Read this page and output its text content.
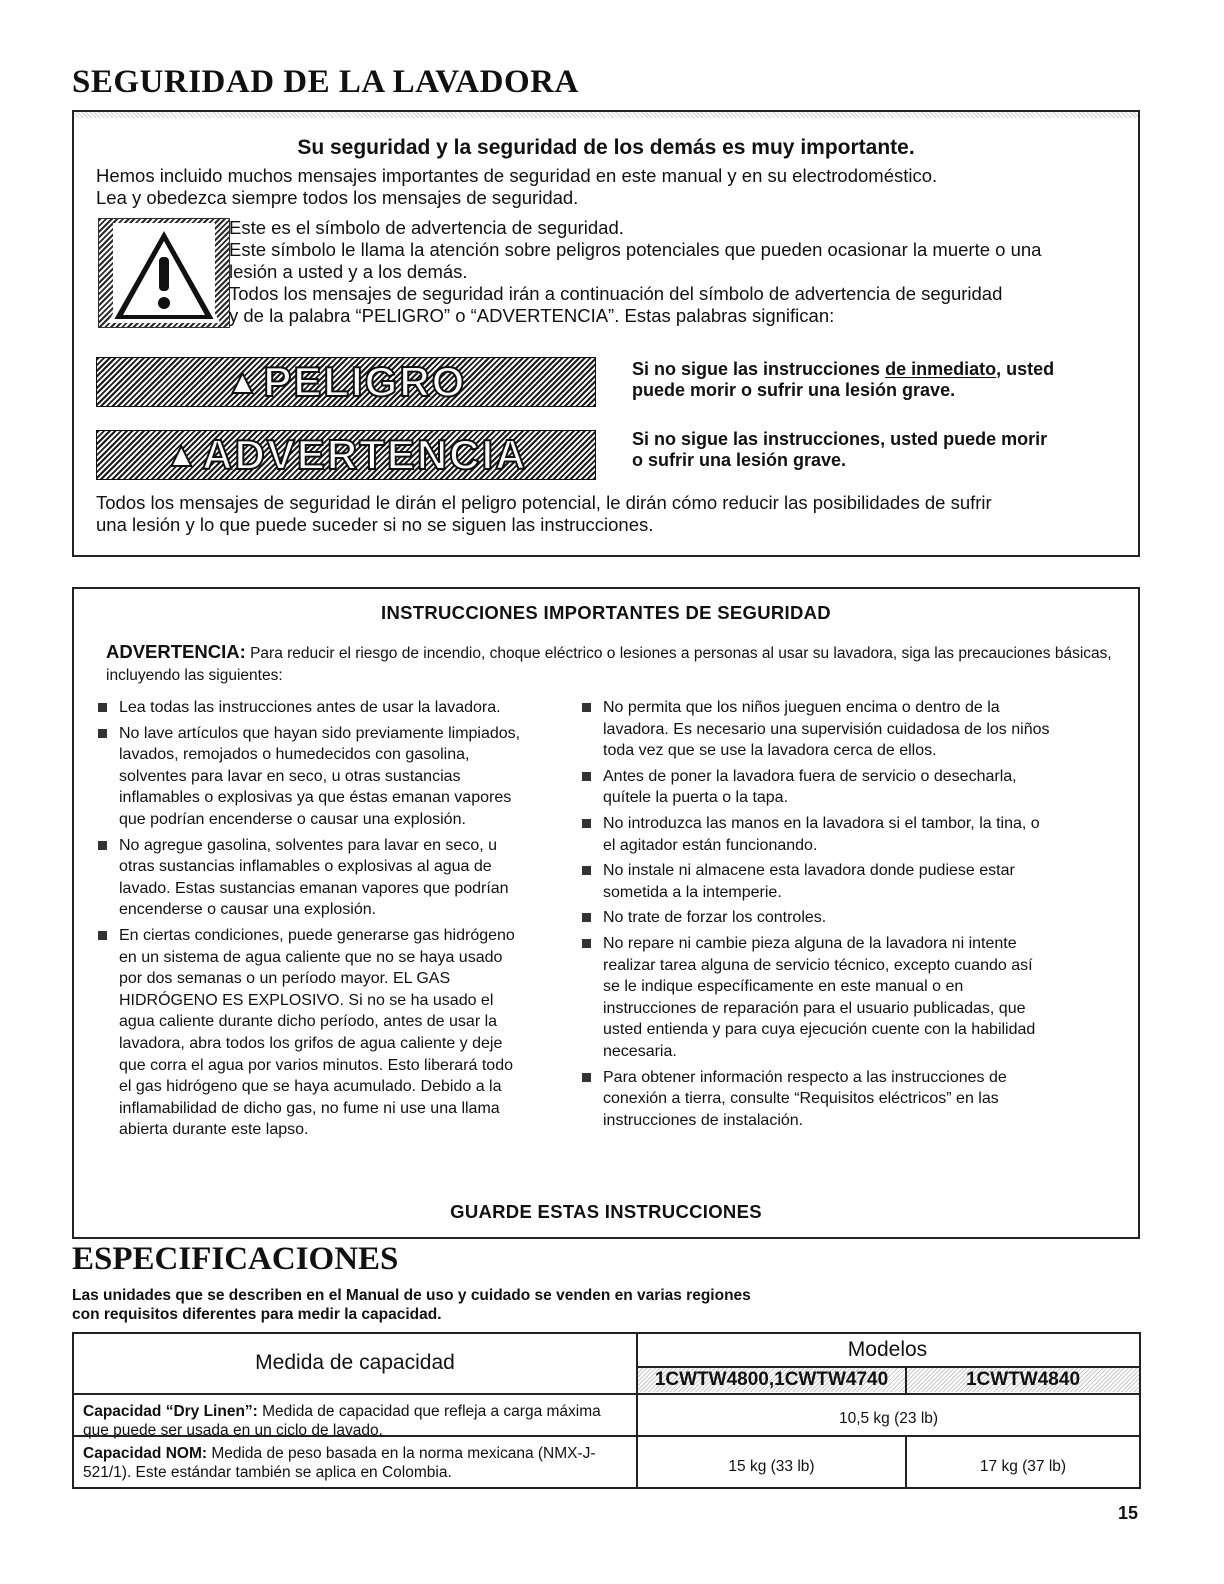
SEGURIDAD DE LA LAVADORA
Su seguridad y la seguridad de los demás es muy importante.
Hemos incluido muchos mensajes importantes de seguridad en este manual y en su electrodoméstico.
Lea y obedezca siempre todos los mensajes de seguridad.
Este es el símbolo de advertencia de seguridad.
Este símbolo le llama la atención sobre peligros potenciales que pueden ocasionar la muerte o una
lesión a usted y a los demás.
Todos los mensajes de seguridad irán a continuación del símbolo de advertencia de seguridad
y de la palabra “PELIGRO” o “ADVERTENCIA”. Estas palabras significan:
▲ PELIGRO	Si no sigue las instrucciones de inmediato, usted
puede morir o sufrir una lesión grave.
▲ ADVERTENCIA	Si no sigue las instrucciones, usted puede morir
o sufrir una lesión grave.
Todos los mensajes de seguridad le dirán el peligro potencial, le dirán cómo reducir las posibilidades de sufrir
una lesión y lo que puede suceder si no se siguen las instrucciones.
INSTRUCCIONES IMPORTANTES DE SEGURIDAD
ADVERTENCIA: Para reducir el riesgo de incendio, choque eléctrico o lesiones a personas al usar su lavadora, siga las precauciones básicas, incluyendo las siguientes:
Lea todas las instrucciones antes de usar la lavadora.
No lave artículos que hayan sido previamente limpiados, lavados, remojados o humedecidos con gasolina, solventes para lavar en seco, u otras sustancias inflamables o explosivas ya que éstas emanan vapores que podrían encenderse o causar una explosión.
No agregue gasolina, solventes para lavar en seco, u otras sustancias inflamables o explosivas al agua de lavado. Estas sustancias emanan vapores que podrían encenderse o causar una explosión.
En ciertas condiciones, puede generarse gas hidrógeno en un sistema de agua caliente que no se haya usado por dos semanas o un período mayor. EL GAS HIDRÓGENO ES EXPLOSIVO. Si no se ha usado el agua caliente durante dicho período, antes de usar la lavadora, abra todos los grifos de agua caliente y deje que corra el agua por varios minutos. Esto liberará todo el gas hidrógeno que se haya acumulado. Debido a la inflamabilidad de dicho gas, no fume ni use una llama abierta durante este lapso.
No permita que los niños jueguen encima o dentro de la lavadora. Es necesario una supervisión cuidadosa de los niños toda vez que se use la lavadora cerca de ellos.
Antes de poner la lavadora fuera de servicio o desecharla, quítele la puerta o la tapa.
No introduzca las manos en la lavadora si el tambor, la tina, o el agitador están funcionando.
No instale ni almacene esta lavadora donde pudiese estar sometida a la intemperie.
No trate de forzar los controles.
No repare ni cambie pieza alguna de la lavadora ni intente realizar tarea alguna de servicio técnico, excepto cuando así se le indique específicamente en este manual o en instrucciones de reparación para el usuario publicadas, que usted entienda y para cuya ejecución cuente con la habilidad necesaria.
Para obtener información respecto a las instrucciones de conexión a tierra, consulte “Requisitos eléctricos” en las instrucciones de instalación.
GUARDE ESTAS INSTRUCCIONES
ESPECIFICACIONES
Las unidades que se describen en el Manual de uso y cuidado se venden en varias regiones
con requisitos diferentes para medir la capacidad.
Medida de capacidad
Modelos
1CWTW4800,1CWTW4740	1CWTW4840
Capacidad “Dry Linen”: Medida de capacidad que refleja a carga máxima que puede ser usada en un ciclo de lavado.
10,5 kg (23 lb)
Capacidad NOM: Medida de peso basada en la norma mexicana (NMX-J-521/1). Este estándar también se aplica en Colombia.	15 kg (33 lb)	17 kg (37 lb)
15
